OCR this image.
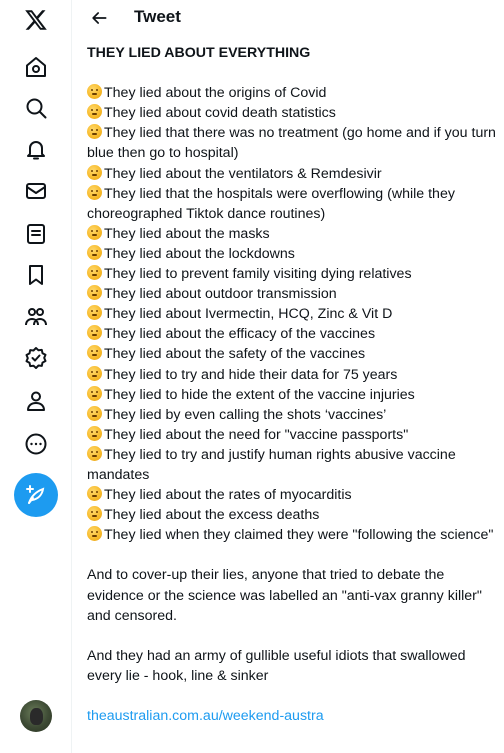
Tweet
THEY LIED ABOUT EVERYTHING
They lied about the origins of Covid
They lied about covid death statistics
They lied that there was no treatment (go home and if you turn blue then go to hospital)
They lied about the ventilators & Remdesivir
They lied that the hospitals were overflowing (while they choreographed Tiktok dance routines)
They lied about the masks
They lied about the lockdowns
They lied to prevent family visiting dying relatives
They lied about outdoor transmission
They lied about Ivermectin, HCQ, Zinc & Vit D
They lied about the efficacy of the vaccines
They lied about the safety of the vaccines
They lied to try and hide their data for 75 years
They lied to hide the extent of the vaccine injuries
They lied by even calling the shots ‘vaccines’
They lied about the need for "vaccine passports"
They lied to try and justify human rights abusive vaccine mandates
They lied about the rates of myocarditis
They lied about the excess deaths
They lied when they claimed they were "following the science"
And to cover-up their lies, anyone that tried to debate the evidence or the science was labelled an "anti-vax granny killer" and censored.
And they had an army of gullible useful idiots that swallowed every lie - hook, line & sinker
theaustralian.com.au/weekend-austra
